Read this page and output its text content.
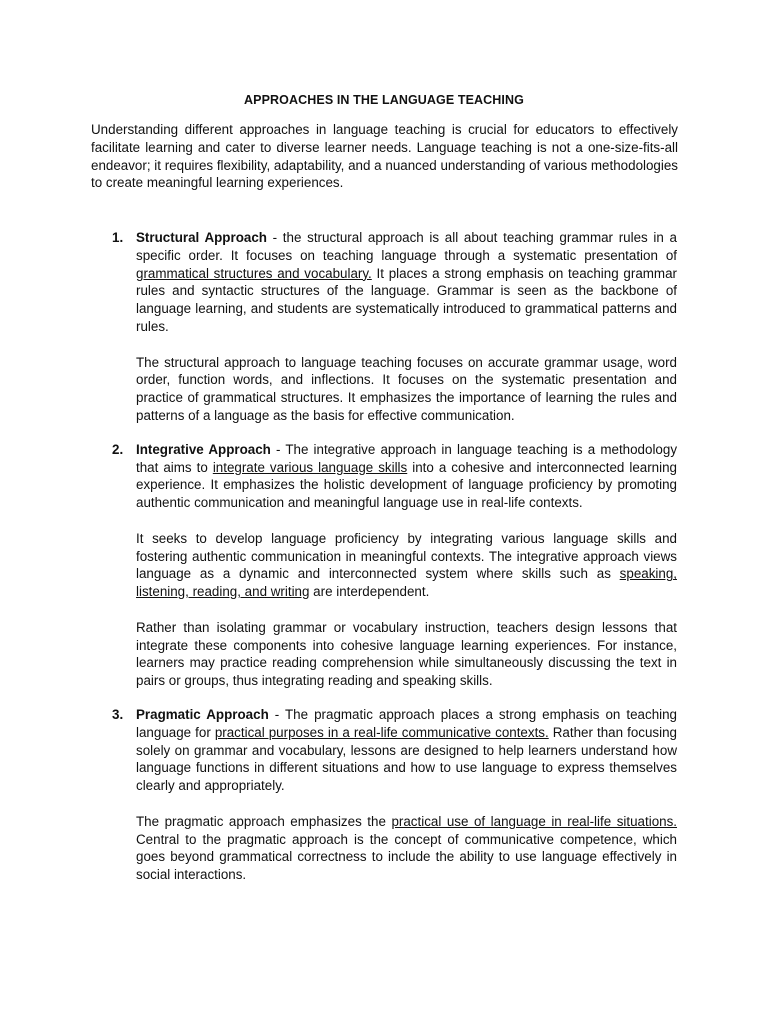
APPROACHES IN THE LANGUAGE TEACHING

Understanding different approaches in language teaching is crucial for educators to effectively facilitate learning and cater to diverse learner needs. Language teaching is not a one-size-fits-all endeavor; it requires flexibility, adaptability, and a nuanced understanding of various methodologies to create meaningful learning experiences.

1. Structural Approach - the structural approach is all about teaching grammar rules in a specific order. It focuses on teaching language through a systematic presentation of grammatical structures and vocabulary. It places a strong emphasis on teaching grammar rules and syntactic structures of the language. Grammar is seen as the backbone of language learning, and students are systematically introduced to grammatical patterns and rules.

The structural approach to language teaching focuses on accurate grammar usage, word order, function words, and inflections. It focuses on the systematic presentation and practice of grammatical structures. It emphasizes the importance of learning the rules and patterns of a language as the basis for effective communication.

2. Integrative Approach - The integrative approach in language teaching is a methodology that aims to integrate various language skills into a cohesive and interconnected learning experience. It emphasizes the holistic development of language proficiency by promoting authentic communication and meaningful language use in real-life contexts.

It seeks to develop language proficiency by integrating various language skills and fostering authentic communication in meaningful contexts. The integrative approach views language as a dynamic and interconnected system where skills such as speaking, listening, reading, and writing are interdependent.

Rather than isolating grammar or vocabulary instruction, teachers design lessons that integrate these components into cohesive language learning experiences. For instance, learners may practice reading comprehension while simultaneously discussing the text in pairs or groups, thus integrating reading and speaking skills.

3. Pragmatic Approach - The pragmatic approach places a strong emphasis on teaching language for practical purposes in a real-life communicative contexts. Rather than focusing solely on grammar and vocabulary, lessons are designed to help learners understand how language functions in different situations and how to use language to express themselves clearly and appropriately.

The pragmatic approach emphasizes the practical use of language in real-life situations. Central to the pragmatic approach is the concept of communicative competence, which goes beyond grammatical correctness to include the ability to use language effectively in social interactions.
